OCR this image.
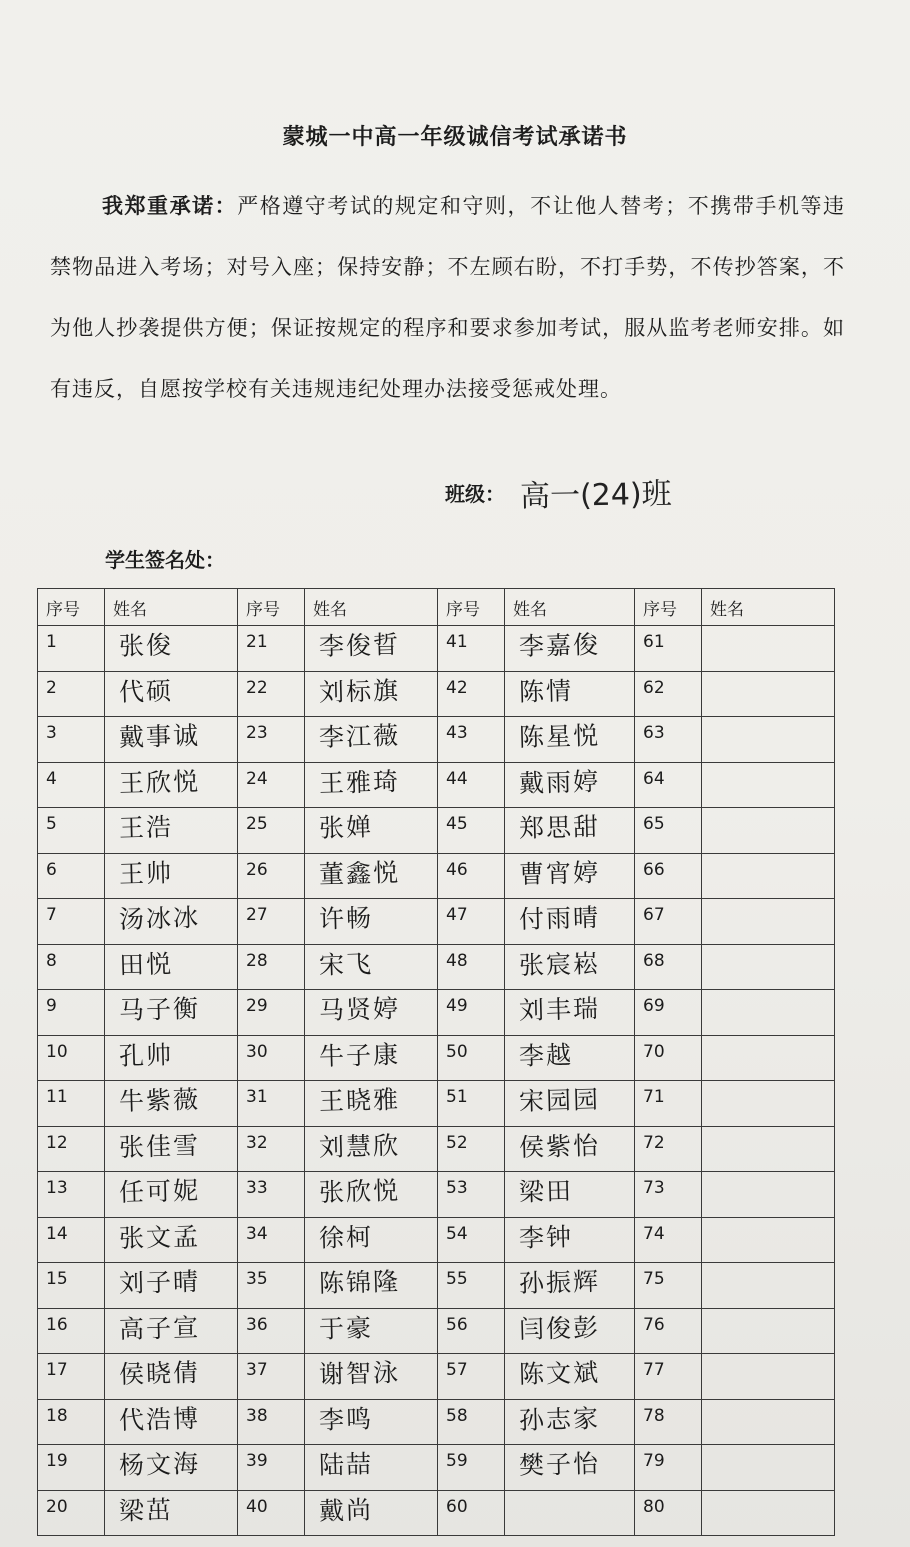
蒙城一中高一年级诚信考试承诺书
我郑重承诺：严格遵守考试的规定和守则，不让他人替考；不携带手机等违禁物品进入考场；对号入座；保持安静；不左顾右盼，不打手势，不传抄答案，不为他人抄袭提供方便；保证按规定的程序和要求参加考试，服从监考老师安排。如有违反，自愿按学校有关违规违纪处理办法接受惩戒处理。
班级： 高一(24)班
学生签名处：
序号	姓名	序号	姓名	序号	姓名	序号	姓名
1	张俊	21	李俊晢	41	李嘉俊	61	
2	代硕	22	刘标旗	42	陈情	62	
3	戴事诚	23	李江薇	43	陈星悦	63	
4	王欣悦	24	王雅琦	44	戴雨婷	64	
5	王浩	25	张婵	45	郑思甜	65	
6	王帅	26	董鑫悦	46	曹宵婷	66	
7	汤冰冰	27	许畅	47	付雨晴	67	
8	田悦	28	宋飞	48	张宸崧	68	
9	马子衡	29	马贤婷	49	刘丰瑞	69	
10	孔帅	30	牛子康	50	李越	70	
11	牛紫薇	31	王晓雅	51	宋园园	71	
12	张佳雪	32	刘慧欣	52	侯紫怡	72	
13	任可妮	33	张欣悦	53	梁田	73	
14	张文孟	34	徐柯	54	李钟	74	
15	刘子晴	35	陈锦隆	55	孙振辉	75	
16	高子宣	36	于豪	56	闫俊彭	76	
17	侯晓倩	37	谢智泳	57	陈文斌	77	
18	代浩博	38	李鸣	58	孙志家	78	
19	杨文海	39	陆喆	59	樊子怡	79	
20	梁茁	40	戴尚	60		80	
